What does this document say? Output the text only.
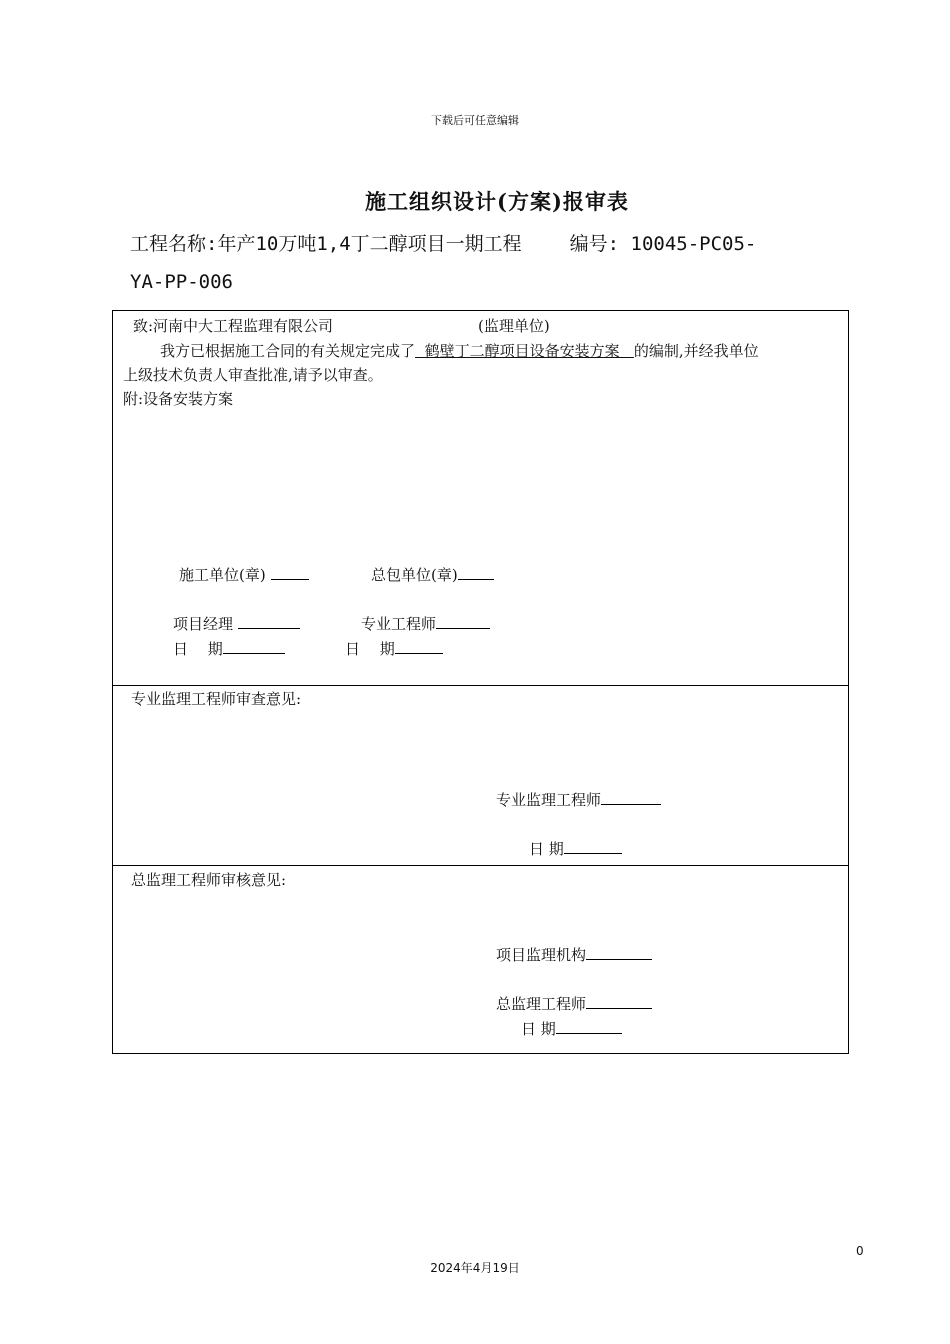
下载后可任意编辑
施工组织设计(方案)报审表
工程名称:年产10万吨1,4丁二醇项目一期工程	编号: 10045-PC05-
YA-PP-006
致:河南中大工程监理有限公司	(监理单位)
我方已根据施工合同的有关规定完成了 鹤壁丁二醇项目设备安装方案 的编制,并经我单位
上级技术负责人审查批准,请予以审查。
附:设备安装方案
施工单位(章)	总包单位(章)
项目经理	专业工程师
日　 期	日　 期
专业监理工程师审查意见:
专业监理工程师
日 期
总监理工程师审核意见:
项目监理机构
总监理工程师
日 期
0
2024年4月19日
